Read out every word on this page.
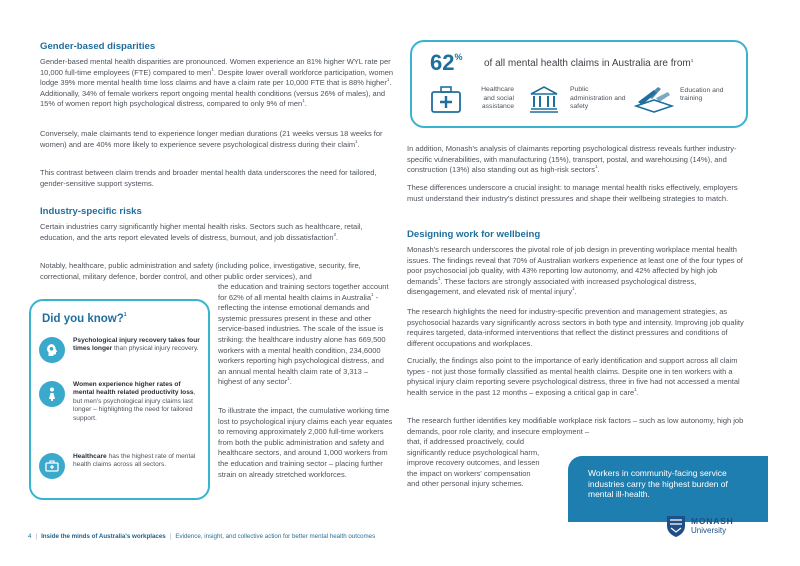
Gender-based disparities
Gender-based mental health disparities are pronounced. Women experience an 81% higher WYL rate per 10,000 full-time employees (FTE) compared to men$^1$. Despite lower overall workforce participation, women lodge 39% more mental health time loss claims and have a claim rate per 10,000 FTE that is 88% higher$^1$. Additionally, 34% of female workers report ongoing mental health conditions (versus 26% of males), and 15% of women report high psychological distress, compared to only 9% of men$^1$.
Conversely, male claimants tend to experience longer median durations (21 weeks versus 18 weeks for women) and are 40% more likely to experience severe psychological distress during their claim$^1$.
This contrast between claim trends and broader mental health data underscores the need for tailored, gender-sensitive support systems.
Industry-specific risks
Certain industries carry significantly higher mental health risks. Sectors such as healthcare, retail, education, and the arts report elevated levels of distress, burnout, and job dissatisfaction$^3$.
Notably, healthcare, public administration and safety (including police, investigative, security, fire, correctional, military defence, border control, and other public order services), and
the education and training sectors together account for 62% of all mental health claims in Australia$^1$ - reflecting the intense emotional demands and systemic pressures present in these and other service-based industries. The scale of the issue is striking: the healthcare industry alone has 669,500 workers with a mental health condition, 234,6000 workers reporting high psychological distress, and an annual mental health claim rate of 3,313 – highest of any sector$^1$.
To illustrate the impact, the cumulative working time lost to psychological injury claims each year equates to removing approximately 2,000 full-time workers from both the public administration and safety and healthcare sectors, and around 1,000 workers from the education and training sector – placing further strain on already stretched workforces.
Did you know?$^1$
Psychological injury recovery takes four times longer than physical injury recovery.
Women experience higher rates of mental health related productivity loss, but men's psychological injury claims last longer – highlighting the need for tailored support.
Healthcare has the highest rate of mental health claims across all sectors.
62%
of all mental health claims in Australia are from$^1$
Healthcare and social assistance
Public administration and safety
Education and training
In addition, Monash's analysis of claimants reporting psychological distress reveals further industry-specific vulnerabilities, with manufacturing (15%), transport, postal, and warehousing (14%), and construction (13%) also standing out as high-risk sectors$^1$.
These differences underscore a crucial insight: to manage mental health risks effectively, employers must understand their industry's distinct pressures and shape their wellbeing strategies to match.
Designing work for wellbeing
Monash's research underscores the pivotal role of job design in preventing workplace mental health issues. The findings reveal that 70% of Australian workers experience at least one of the four types of poor psychosocial job quality, with 43% reporting low autonomy, and 42% affected by high job demands$^1$. These factors are strongly associated with increased psychological distress, disengagement, and elevated risk of mental injury$^1$.
The research highlights the need for industry-specific prevention and management strategies, as psychosocial hazards vary significantly across sectors in both type and intensity. Improving job quality requires targeted, data-informed interventions that reflect the distinct pressures and conditions of different occupations and workplaces.
Crucially, the findings also point to the importance of early identification and support across all claim types - not just those formally classified as mental health claims. Despite one in ten workers with a physical injury claim reporting severe psychological distress, three in five had not accessed a mental health service in the past 12 months – exposing a critical gap in care$^1$.
The research further identifies key modifiable workplace risk factors – such as low autonomy, high job demands, poor role clarity, and insecure employment –
that, if addressed proactively, could significantly reduce psychological harm, improve recovery outcomes, and lessen the impact on workers' compensation and other personal injury schemes.
Workers in community-facing service industries carry the highest burden of mental ill-health.
4 | Inside the minds of Australia's workplaces | Evidence, insight, and collective action for better mental health outcomes
MONASH
University
